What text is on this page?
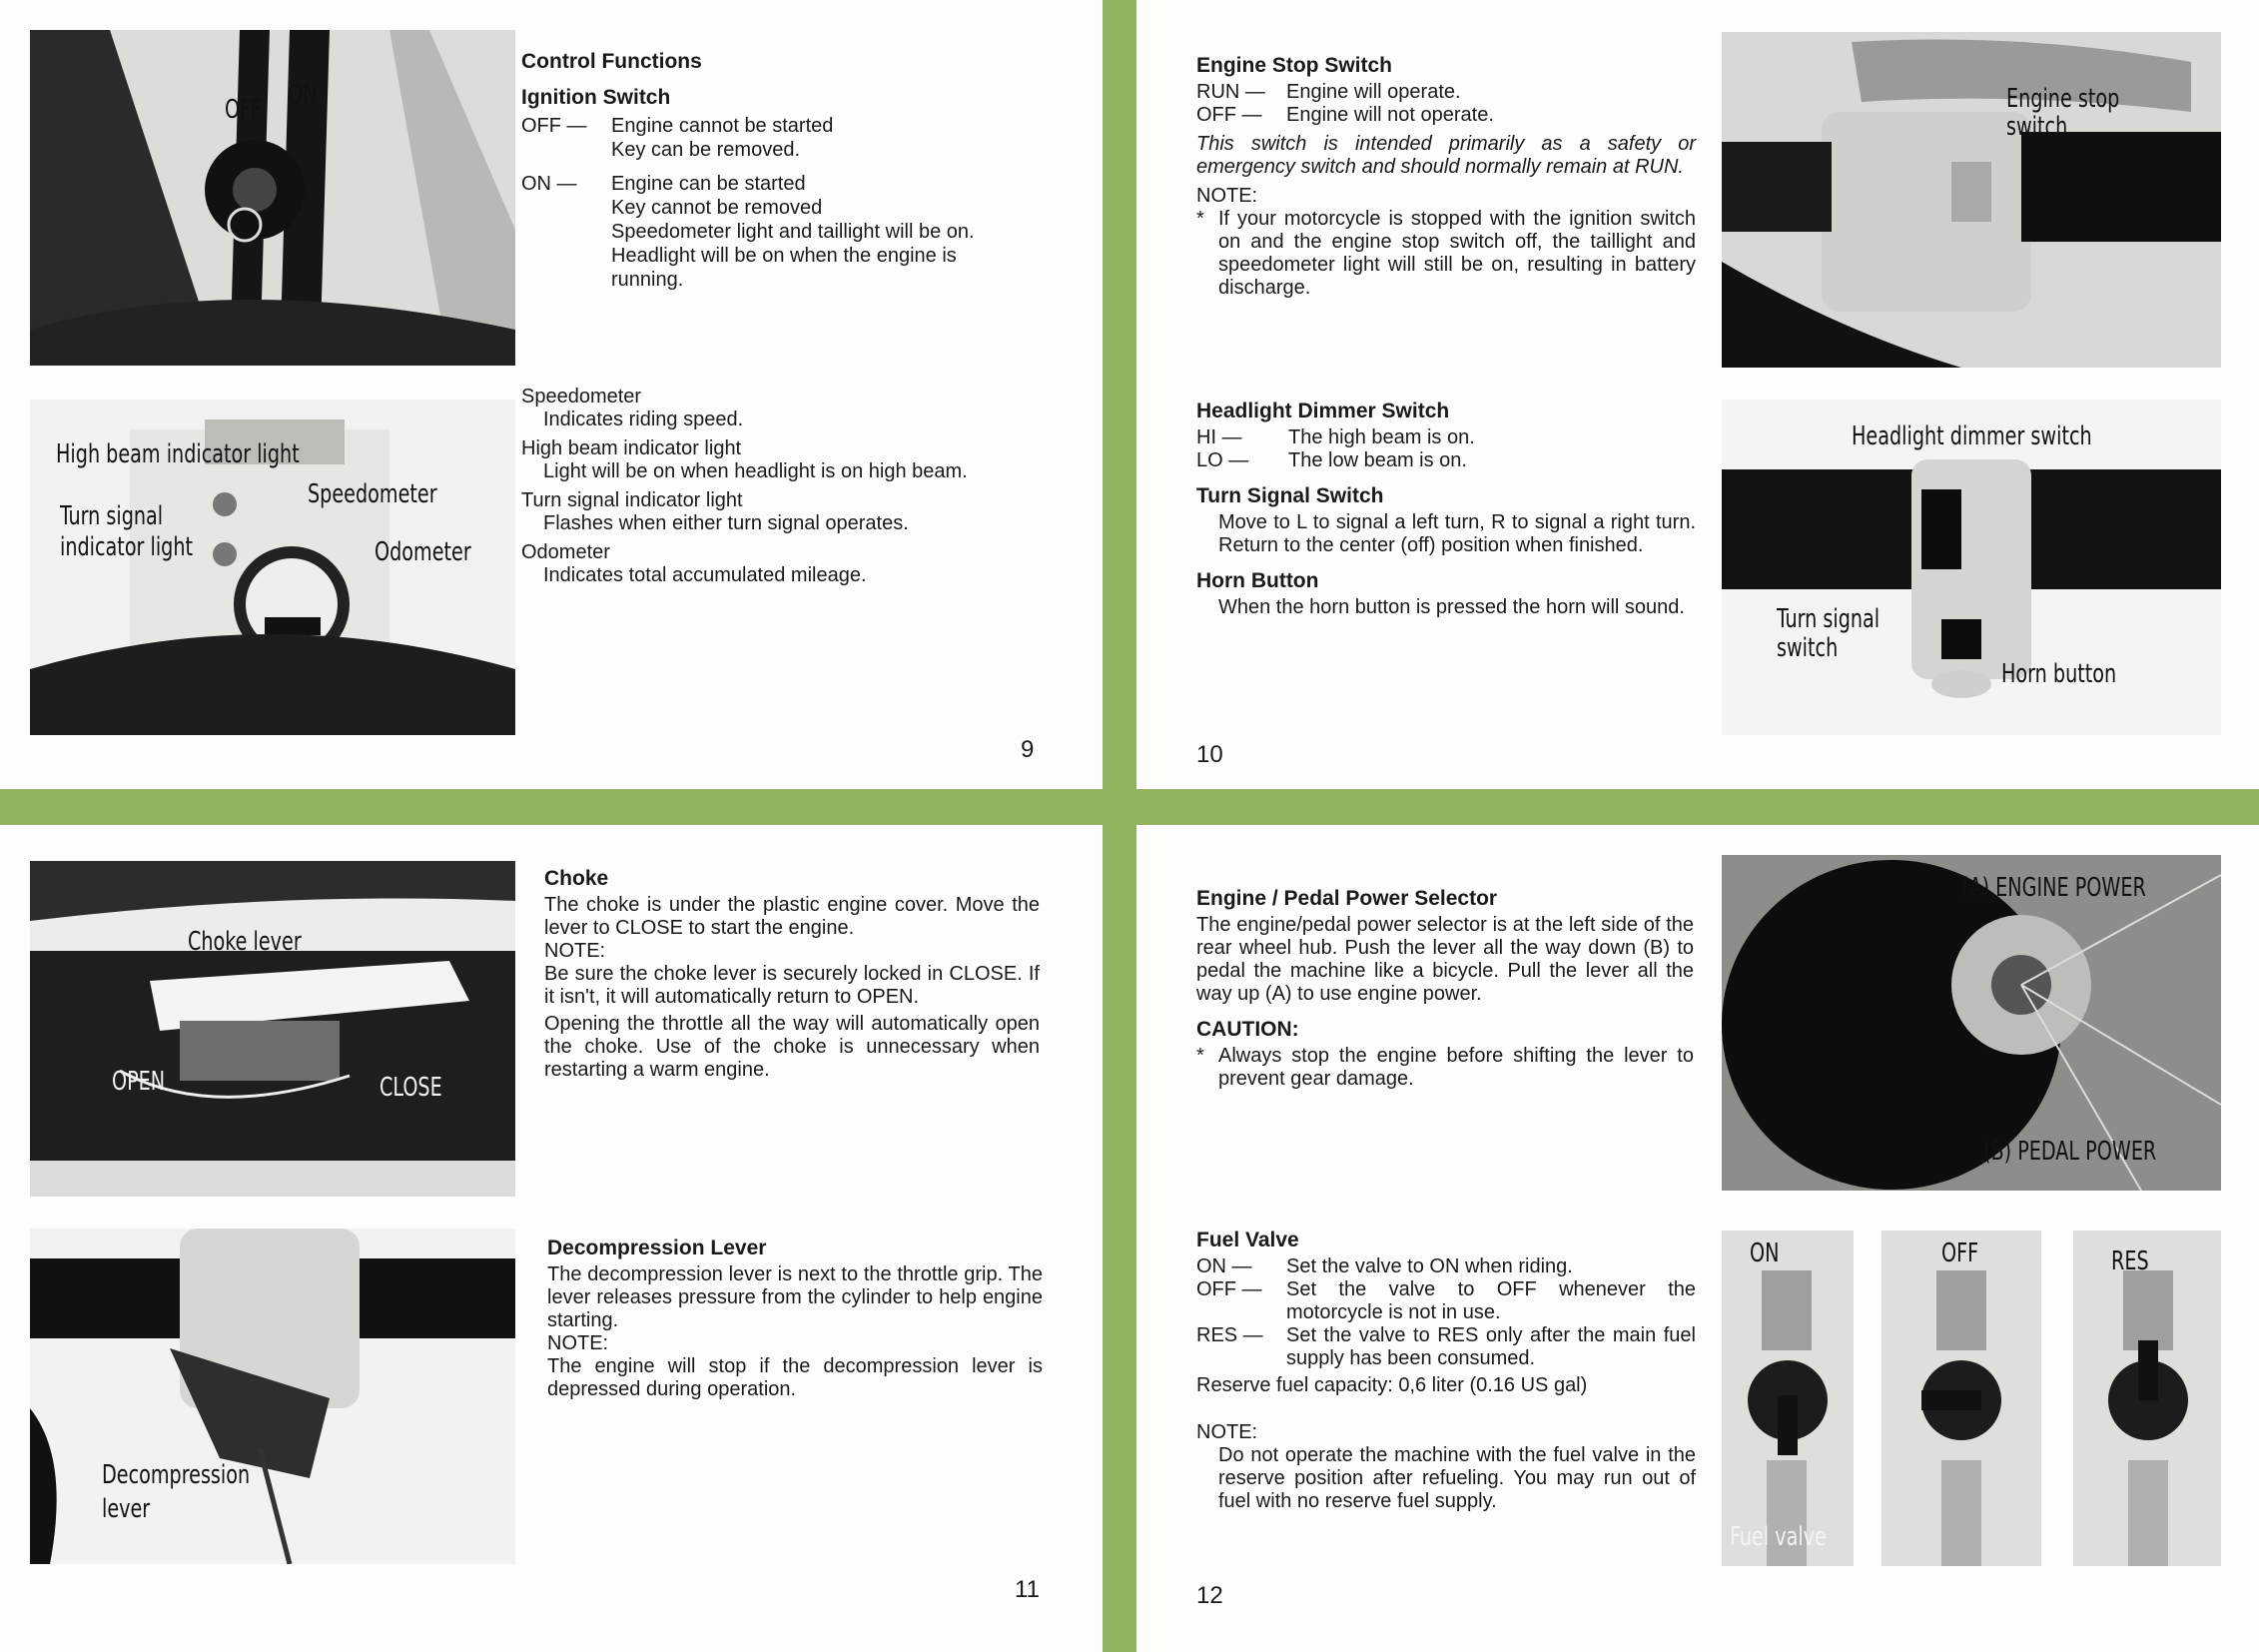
OFF ON
High beam indicator light
Turn signal
indicator light
Speedometer
Odometer
Control Functions
Ignition Switch
OFF —	Engine cannot be started
Key can be removed.
ON —	Engine can be started
Key cannot be removed
Speedometer light and taillight will be on.
Headlight will be on when the engine is
running.
Speedometer
Indicates riding speed.
High beam indicator light
Light will be on when headlight is on high beam.
Turn signal indicator light
Flashes when either turn signal operates.
Odometer
Indicates total accumulated mileage.
9
Engine Stop Switch
RUN —	Engine will operate.
OFF —	Engine will not operate.
This switch is intended primarily as a safety or emergency switch and should normally remain at RUN.
NOTE:
* If your motorcycle is stopped with the ignition switch on and the engine stop switch off, the taillight and speedometer light will still be on, resulting in battery discharge.
Engine stop
switch
Headlight Dimmer Switch
HI —	The high beam is on.
LO —	The low beam is on.
Turn Signal Switch
Move to L to signal a left turn, R to signal a right turn. Return to the center (off) position when finished.
Horn Button
When the horn button is pressed the horn will sound.
Headlight dimmer switch
Turn signal
switch
Horn button
10
Choke lever
OPEN	CLOSE
Choke
The choke is under the plastic engine cover. Move the lever to CLOSE to start the engine.
NOTE:
Be sure the choke lever is securely locked in CLOSE. If it isn't, it will automatically return to OPEN.
Opening the throttle all the way will automatically open the choke. Use of the choke is unnecessary when restarting a warm engine.
Decompression
lever
Decompression Lever
The decompression lever is next to the throttle grip. The lever releases pressure from the cylinder to help engine starting.
NOTE:
The engine will stop if the decompression lever is depressed during operation.
11
Engine / Pedal Power Selector
The engine/pedal power selector is at the left side of the rear wheel hub. Push the lever all the way down (B) to pedal the machine like a bicycle. Pull the lever all the way up (A) to use engine power.
CAUTION:
* Always stop the engine before shifting the lever to prevent gear damage.
(A) ENGINE POWER
(B) PEDAL POWER
Fuel Valve
ON —	Set the valve to ON when riding.
OFF —	Set the valve to OFF whenever the motorcycle is not in use.
RES —	Set the valve to RES only after the main fuel supply has been consumed.
Reserve fuel capacity: 0,6 liter (0.16 US gal)
NOTE:
Do not operate the machine with the fuel valve in the reserve position after refueling. You may run out of fuel with no reserve fuel supply.
ON
Fuel valve
OFF	RES
12
